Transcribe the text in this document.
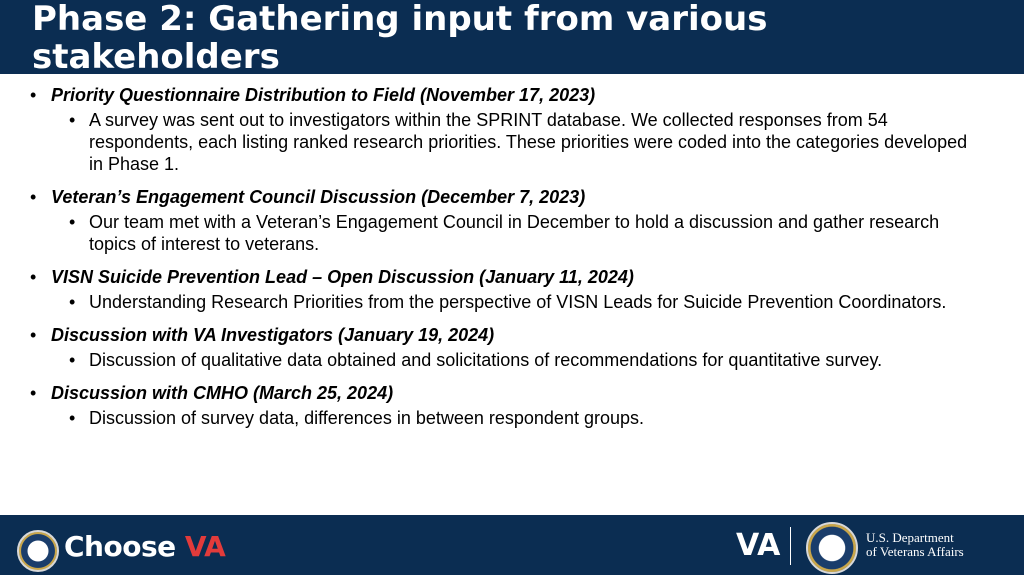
Phase 2: Gathering input from various stakeholders
• Priority Questionnaire Distribution to Field (November 17, 2023)
• A survey was sent out to investigators within the SPRINT database. We collected responses from 54 respondents, each listing ranked research priorities. These priorities were coded into the categories developed in Phase 1.
• Veteran’s Engagement Council Discussion (December 7, 2023)
• Our team met with a Veteran’s Engagement Council in December to hold a discussion and gather research topics of interest to veterans.
• VISN Suicide Prevention Lead – Open Discussion (January 11, 2024)
• Understanding Research Priorities from the perspective of VISN Leads for Suicide Prevention Coordinators.
• Discussion with VA Investigators (January 19, 2024)
• Discussion of qualitative data obtained and solicitations of recommendations for quantitative survey.
• Discussion with CMHO (March 25, 2024)
• Discussion of survey data, differences in between respondent groups.
Choose VA	VA	U.S. Department
of Veterans Affairs
